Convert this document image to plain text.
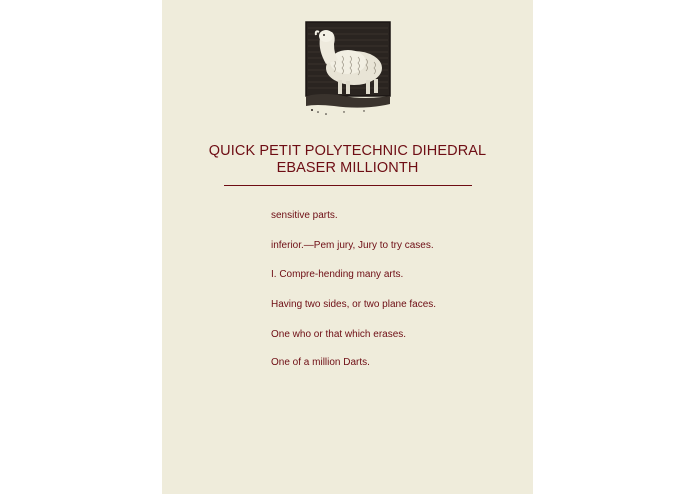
QUICK PETIT POLYTECHNIC DIHEDRAL
EBASER MILLIONTH
sensitive parts.
inferior.—Pem jury, Jury to try cases.
I. Compre-hending many arts.
Having two sides, or two plane faces.
One who or that which erases.
One of a million Darts.
